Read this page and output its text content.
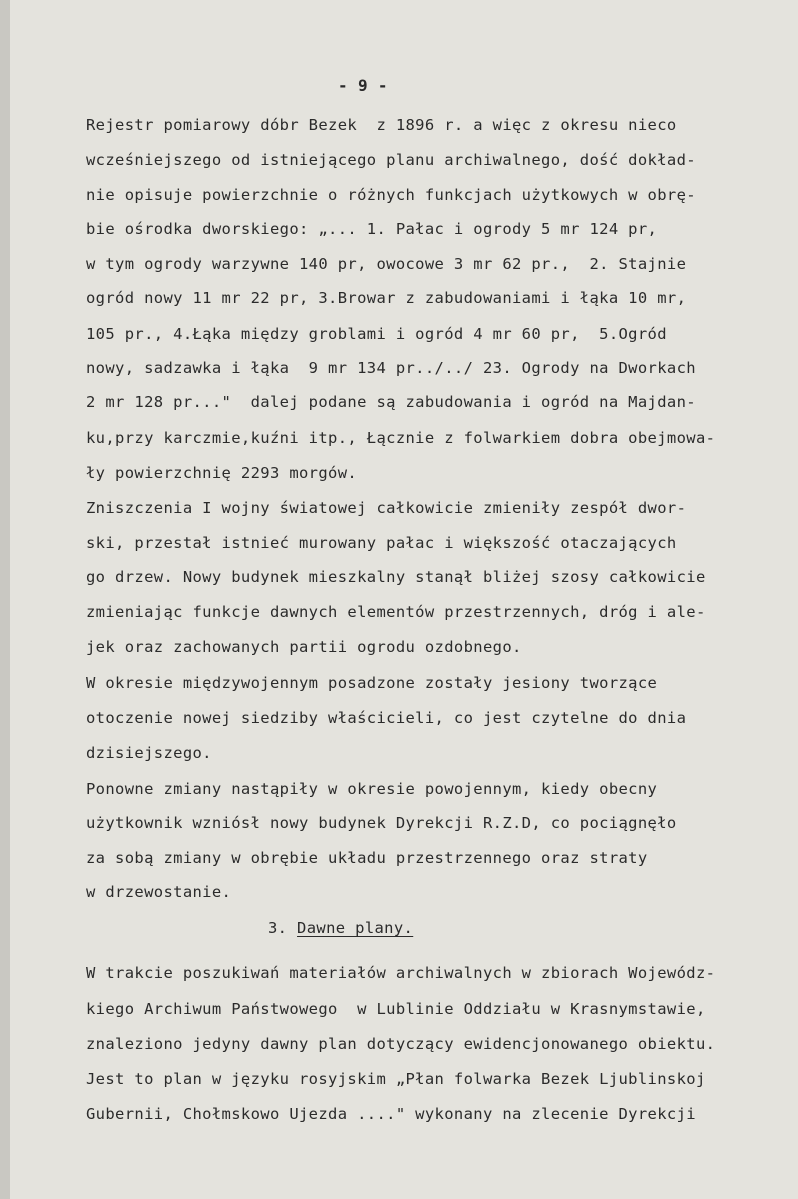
- 9 -
Rejestr pomiarowy dóbr Bezek  z 1896 r. a więc z okresu nieco
wcześniejszego od istniejącego planu archiwalnego, dość dokład-
nie opisuje powierzchnie o różnych funkcjach użytkowych w obrę-
bie ośrodka dworskiego: „... 1. Pałac i ogrody 5 mr 124 pr,
w tym ogrody warzywne 140 pr, owocowe 3 mr 62 pr.,  2. Stajnie
ogród nowy 11 mr 22 pr, 3.Browar z zabudowaniami i łąka 10 mr,
105 pr., 4.Łąka między groblami i ogród 4 mr 60 pr,  5.Ogród
nowy, sadzawka i łąka  9 mr 134 pr../../ 23. Ogrody na Dworkach
2 mr 128 pr..."  dalej podane są zabudowania i ogród na Majdan-
ku,przy karczmie,kuźni itp., Łącznie z folwarkiem dobra obejmowa-
ły powierzchnię 2293 morgów.
Zniszczenia I wojny światowej całkowicie zmieniły zespół dwor-
ski, przestał istnieć murowany pałac i większość otaczających
go drzew. Nowy budynek mieszkalny stanął bliżej szosy całkowicie
zmieniając funkcje dawnych elementów przestrzennych, dróg i ale-
jek oraz zachowanych partii ogrodu ozdobnego.
W okresie międzywojennym posadzone zostały jesiony tworzące
otoczenie nowej siedziby właścicieli, co jest czytelne do dnia
dzisiejszego.
Ponowne zmiany nastąpiły w okresie powojennym, kiedy obecny
użytkownik wzniósł nowy budynek Dyrekcji R.Z.D, co pociągnęło
za sobą zmiany w obrębie układu przestrzennego oraz straty
w drzewostanie.
3. Dawne plany.
W trakcie poszukiwań materiałów archiwalnych w zbiorach Wojewódz-
kiego Archiwum Państwowego  w Lublinie Oddziału w Krasnymstawie,
znaleziono jedyny dawny plan dotyczący ewidencjonowanego obiektu.
Jest to plan w języku rosyjskim „Płan folwarka Bezek Ljublinskoj
Gubernii, Chołmskowo Ujezda ...." wykonany na zlecenie Dyrekcji
